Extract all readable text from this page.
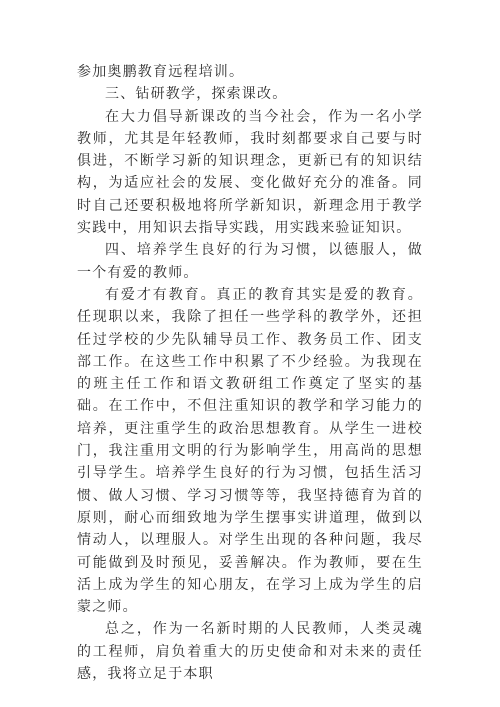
参加奥鹏教育远程培训。

三、钻研教学，探索课改。

在大力倡导新课改的当今社会，作为一名小学教师，尤其是年轻教师，我时刻都要求自己要与时俱进，不断学习新的知识理念，更新已有的知识结构，为适应社会的发展、变化做好充分的准备。同时自己还要积极地将所学新知识，新理念用于教学实践中，用知识去指导实践，用实践来验证知识。

四、培养学生良好的行为习惯，以德服人，做一个有爱的教师。

有爱才有教育。真正的教育其实是爱的教育。任现职以来，我除了担任一些学科的教学外，还担任过学校的少先队辅导员工作、教务员工作、团支部工作。在这些工作中积累了不少经验。为我现在的班主任工作和语文教研组工作奠定了坚实的基础。在工作中，不但注重知识的教学和学习能力的培养，更注重学生的政治思想教育。从学生一进校门，我注重用文明的行为影响学生，用高尚的思想引导学生。培养学生良好的行为习惯，包括生活习惯、做人习惯、学习习惯等等，我坚持德育为首的原则，耐心而细致地为学生摆事实讲道理，做到以情动人，以理服人。对学生出现的各种问题，我尽可能做到及时预见，妥善解决。作为教师，要在生活上成为学生的知心朋友，在学习上成为学生的启蒙之师。

总之，作为一名新时期的人民教师，人类灵魂的工程师，肩负着重大的历史使命和对未来的责任感，我将立足于本职
